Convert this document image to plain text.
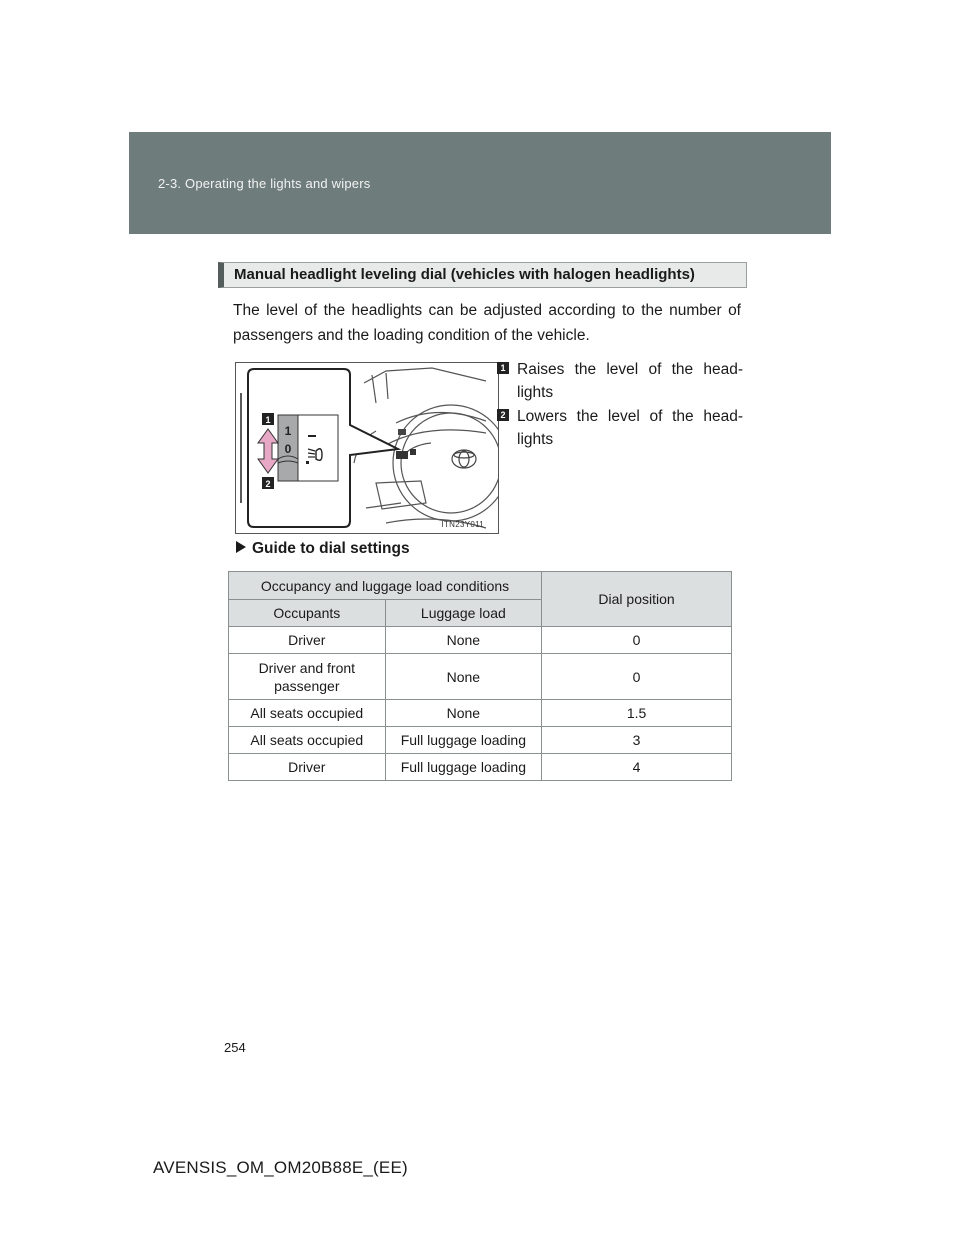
2-3. Operating the lights and wipers
Manual headlight leveling dial (vehicles with halogen headlights)
The level of the headlights can be adjusted according to the number of passengers and the loading condition of the vehicle.
1
0
1
2
ITN23Y011
1 Raises the level of the head-lights
2 Lowers the level of the head-lights
Guide to dial settings
Occupancy and luggage load conditions		Dial position
Occupants	Luggage load	
Driver	None	0
Driver and front passenger	None	0
All seats occupied	None	1.5
All seats occupied	Full luggage loading	3
Driver	Full luggage loading	4
254
AVENSIS_OM_OM20B88E_(EE)
